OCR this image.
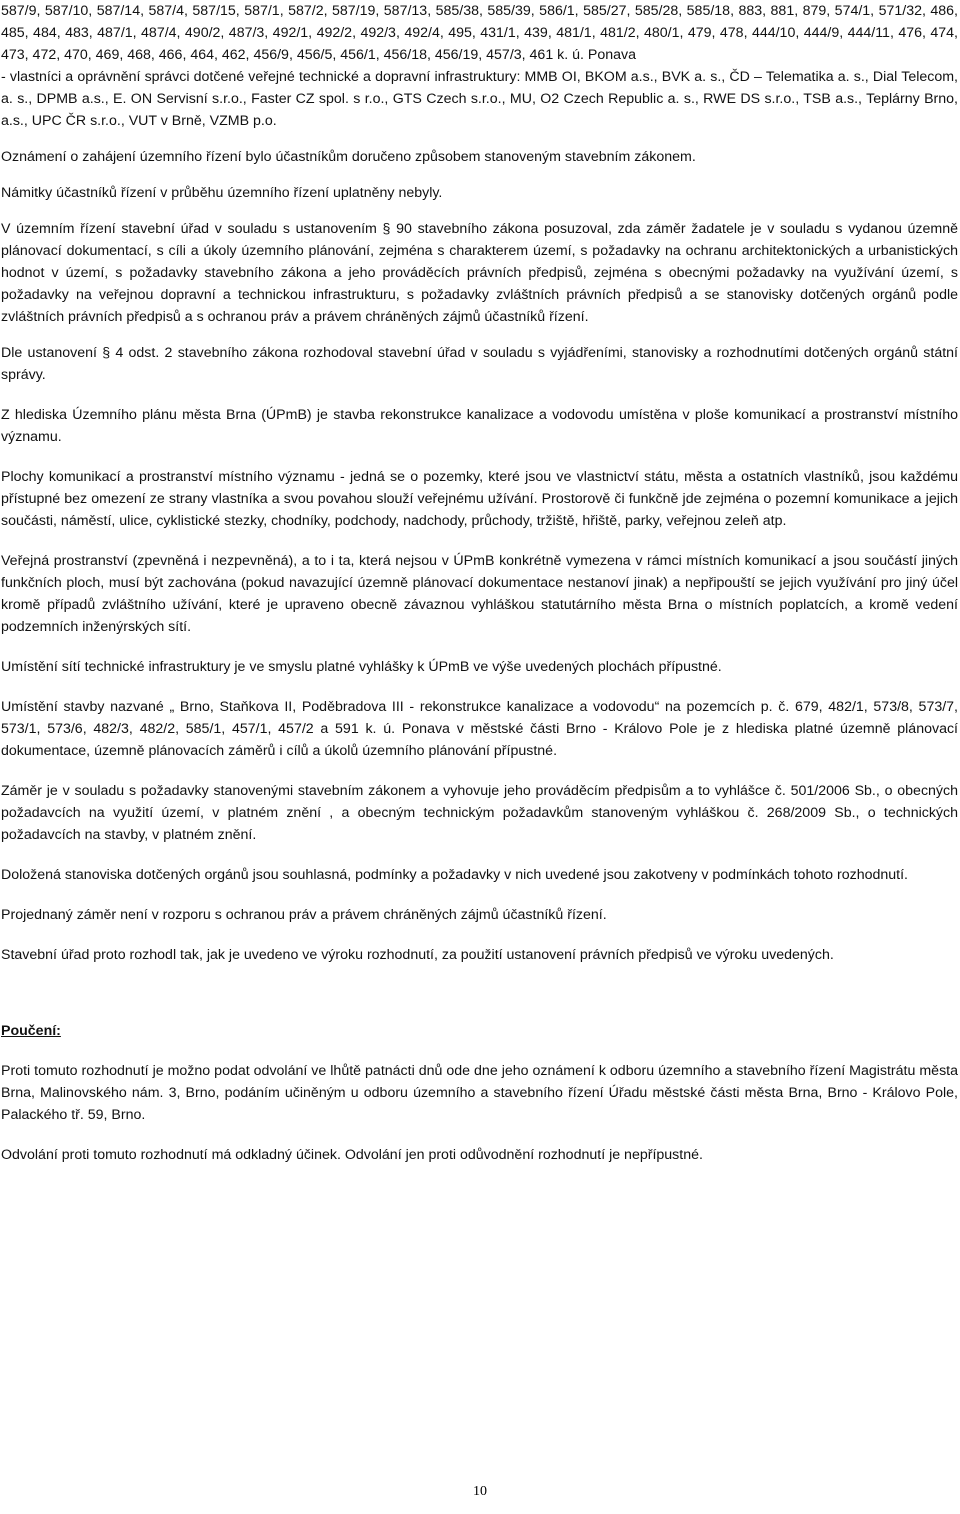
587/9, 587/10, 587/14, 587/4, 587/15, 587/1, 587/2, 587/19, 587/13, 585/38, 585/39, 586/1, 585/27, 585/28, 585/18, 883, 881, 879, 574/1, 571/32, 486, 485, 484, 483, 487/1, 487/4, 490/2, 487/3, 492/1, 492/2, 492/3, 492/4, 495, 431/1, 439, 481/1, 481/2, 480/1, 479, 478, 444/10, 444/9, 444/11, 476, 474, 473, 472, 470, 469, 468, 466, 464, 462, 456/9, 456/5, 456/1, 456/18, 456/19, 457/3, 461 k. ú. Ponava

- vlastníci a oprávnění správci dotčené veřejné technické a dopravní infrastruktury: MMB OI, BKOM a.s., BVK a. s., ČD – Telematika a. s., Dial Telecom, a. s., DPMB a.s., E. ON Servisní s.r.o., Faster CZ spol. s r.o., GTS Czech s.r.o., MU, O2 Czech Republic a. s., RWE DS s.r.o., TSB a.s., Teplárny Brno, a.s., UPC ČR s.r.o., VUT v Brně, VZMB p.o.

Oznámení o zahájení územního řízení bylo účastníkům doručeno způsobem stanoveným stavebním zákonem.

Námitky účastníků řízení v průběhu územního řízení uplatněny nebyly.

V územním řízení stavební úřad v souladu s ustanovením § 90 stavebního zákona posuzoval, zda záměr žadatele je v souladu s vydanou územně plánovací dokumentací, s cíli a úkoly územního plánování, zejména s charakterem území, s požadavky na ochranu architektonických a urbanistických hodnot v území, s požadavky stavebního zákona a jeho prováděcích právních předpisů, zejména s obecnými požadavky na využívání území, s požadavky na veřejnou dopravní a technickou infrastrukturu, s požadavky zvláštních právních předpisů a se stanovisky dotčených orgánů podle zvláštních právních předpisů a s ochranou práv a právem chráněných zájmů účastníků řízení.

Dle ustanovení § 4 odst. 2 stavebního zákona rozhodoval stavební úřad v souladu s vyjádřeními, stanovisky a rozhodnutími dotčených orgánů státní správy.

Z hlediska Územního plánu města Brna (ÚPmB) je stavba rekonstrukce kanalizace a vodovodu umístěna v ploše komunikací a prostranství místního významu.

Plochy komunikací a prostranství místního významu - jedná se o pozemky, které jsou ve vlastnictví státu, města a ostatních vlastníků, jsou každému přístupné bez omezení ze strany vlastníka a svou povahou slouží veřejnému užívání. Prostorově či funkčně jde zejména o pozemní komunikace a jejich součásti, náměstí, ulice, cyklistické stezky, chodníky, podchody, nadchody, průchody, tržiště, hřiště, parky, veřejnou zeleň atp.

Veřejná prostranství (zpevněná i nezpevněná), a to i ta, která nejsou v ÚPmB konkrétně vymezena v rámci místních komunikací a jsou součástí jiných funkčních ploch, musí být zachována (pokud navazující územně plánovací dokumentace nestanoví jinak) a nepřipouští se jejich využívání pro jiný účel kromě případů zvláštního užívání, které je upraveno obecně závaznou vyhláškou statutárního města Brna o místních poplatcích, a kromě vedení podzemních inženýrských sítí.

Umístění sítí technické infrastruktury je ve smyslu platné vyhlášky k ÚPmB ve výše uvedených plochách přípustné.

Umístění stavby nazvané „ Brno, Staňkova II, Poděbradova III - rekonstrukce kanalizace a vodovodu“ na pozemcích p. č. 679, 482/1, 573/8, 573/7, 573/1, 573/6, 482/3, 482/2, 585/1, 457/1, 457/2 a 591 k. ú. Ponava v městské části Brno - Královo Pole je z hlediska platné územně plánovací dokumentace, územně plánovacích záměrů i cílů a úkolů územního plánování přípustné.

Záměr je v souladu s požadavky stanovenými stavebním zákonem a vyhovuje jeho prováděcím předpisům a to vyhlášce č. 501/2006 Sb., o obecných požadavcích na využití území, v platném znění , a obecným technickým požadavkům stanoveným vyhláškou č. 268/2009 Sb., o technických požadavcích na stavby, v platném znění.

Doložená stanoviska dotčených orgánů jsou souhlasná, podmínky a požadavky v nich uvedené jsou zakotveny v podmínkách tohoto rozhodnutí.

Projednaný záměr není v rozporu s ochranou práv a právem chráněných zájmů účastníků řízení.

Stavební úřad proto rozhodl tak, jak je uvedeno ve výroku rozhodnutí, za použití ustanovení právních předpisů ve výroku uvedených.

Poučení:

Proti tomuto rozhodnutí je možno podat odvolání ve lhůtě patnácti dnů ode dne jeho oznámení k odboru územního a stavebního řízení Magistrátu města Brna, Malinovského nám. 3, Brno, podáním učiněným u odboru územního a stavebního řízení Úřadu městské části města Brna, Brno - Královo Pole, Palackého tř. 59, Brno.

Odvolání proti tomuto rozhodnutí má odkladný účinek. Odvolání jen proti odůvodnění rozhodnutí je nepřípustné.

10
